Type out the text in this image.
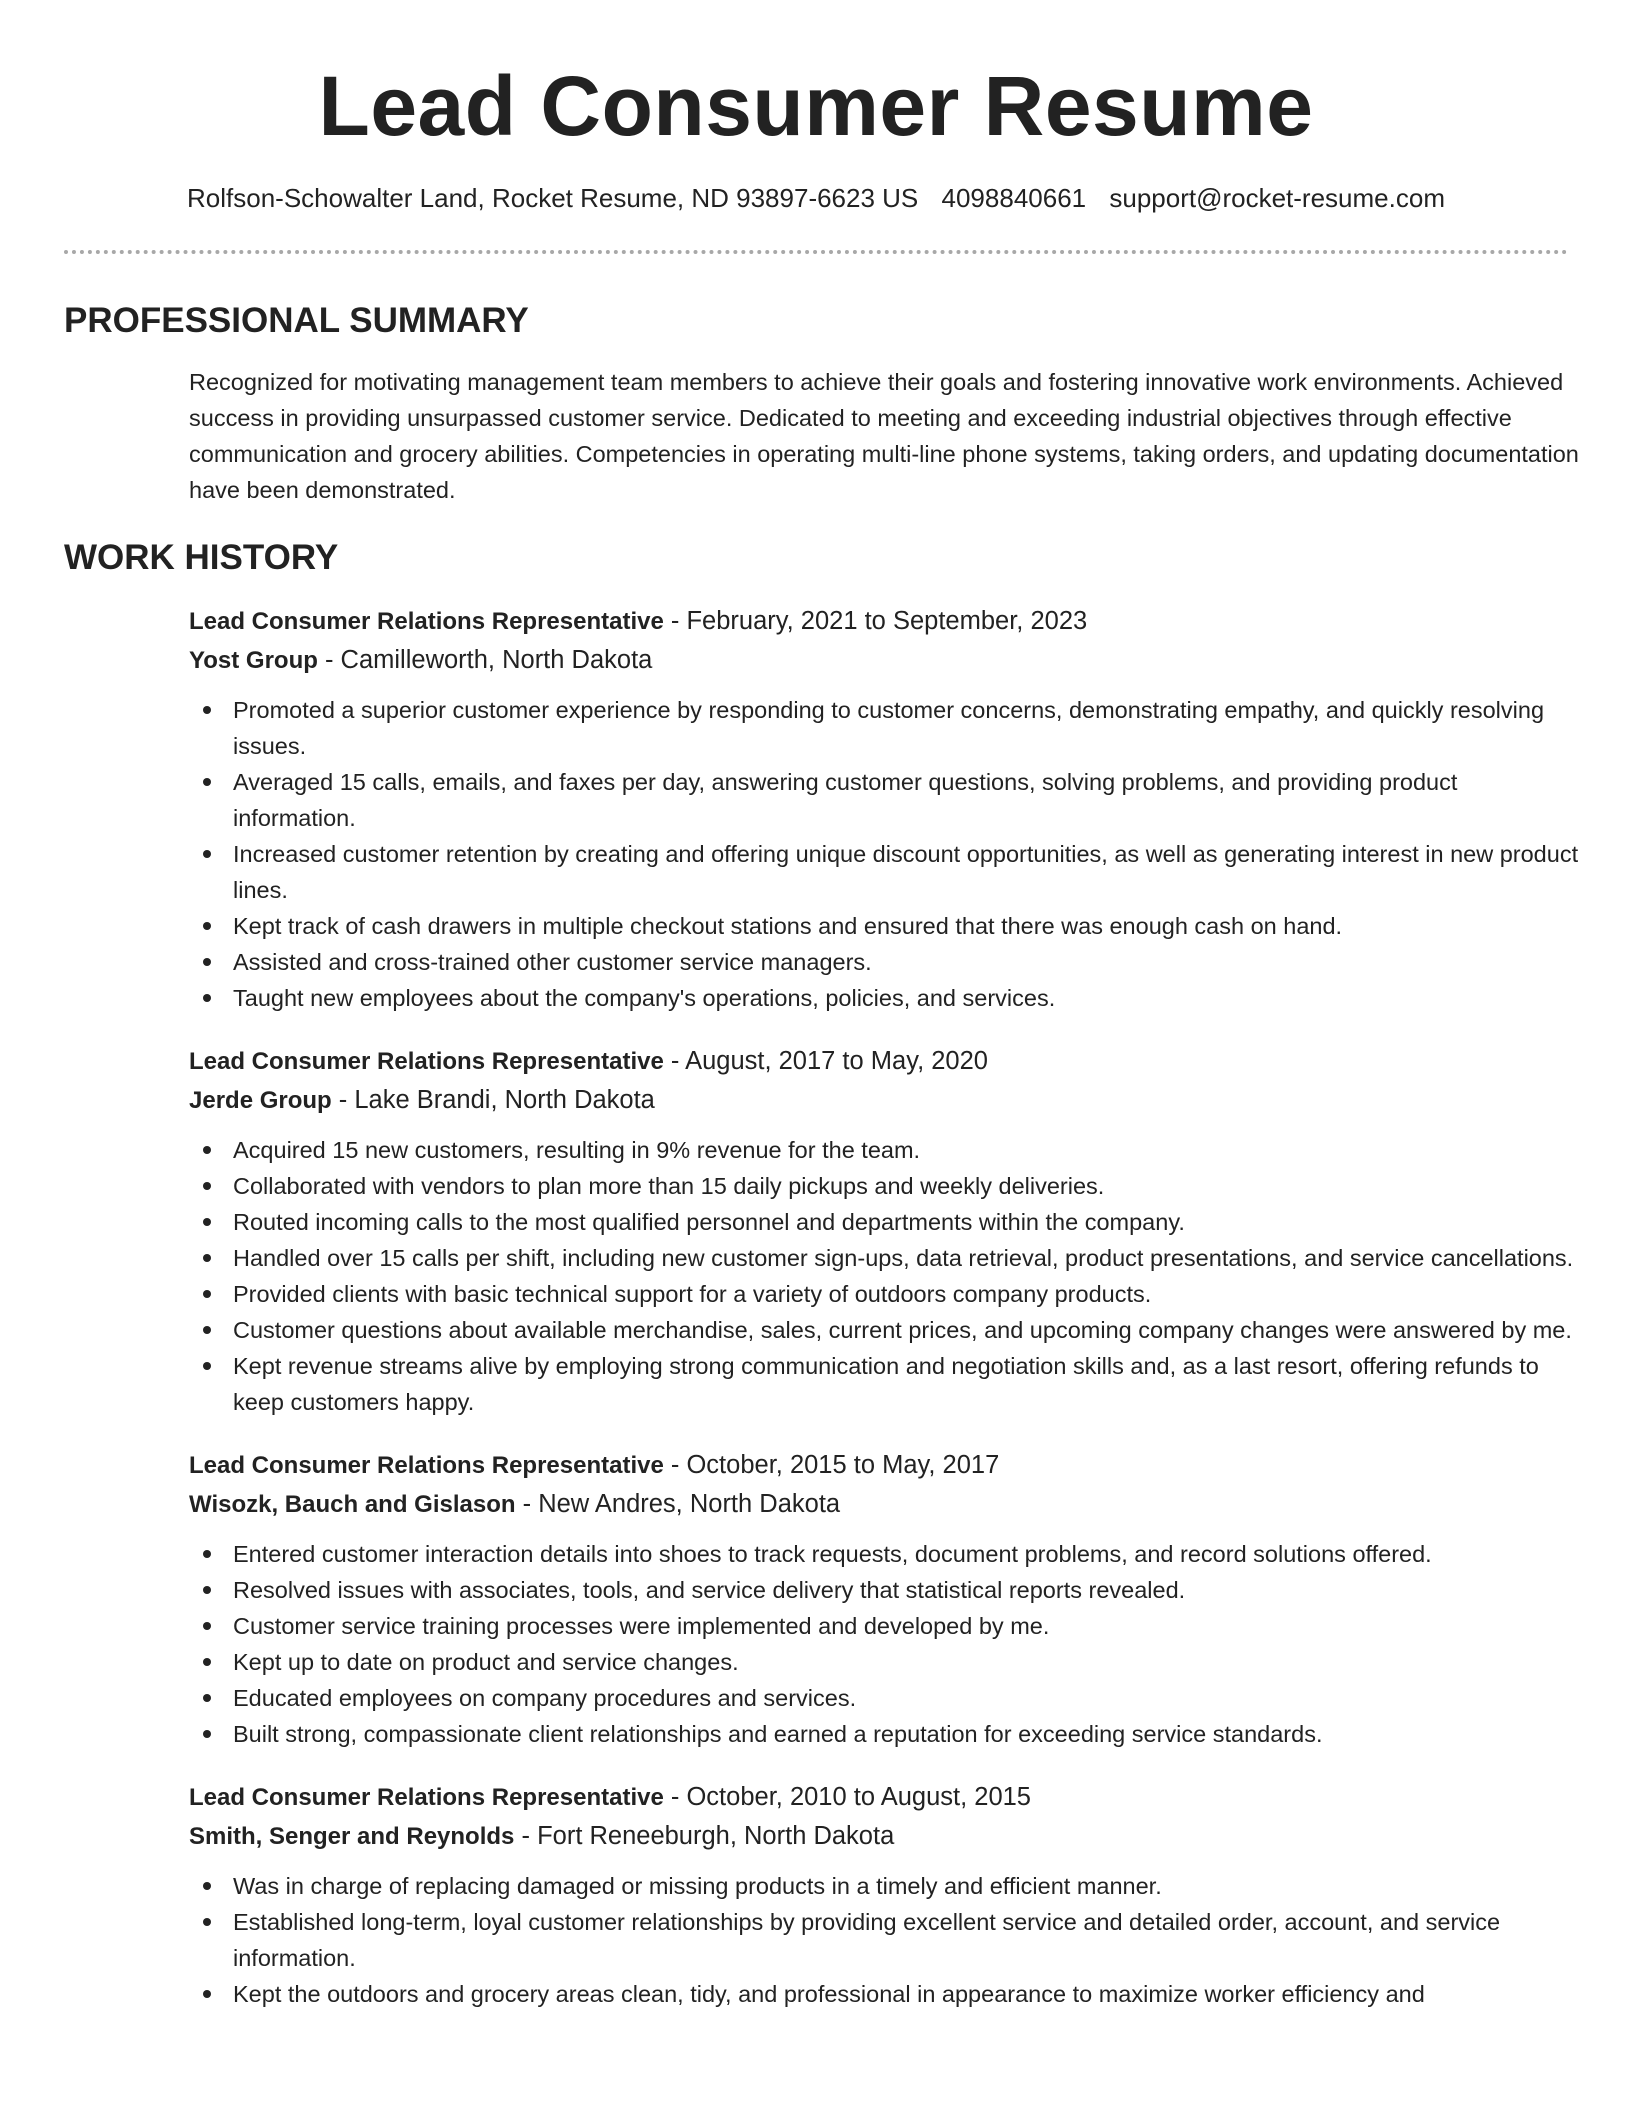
Lead Consumer Resume
Rolfson-Schowalter Land, Rocket Resume, ND 93897-6623 US 4098840661 support@rocket-resume.com
PROFESSIONAL SUMMARY

Recognized for motivating management team members to achieve their goals and fostering innovative work environments. Achieved success in providing unsurpassed customer service. Dedicated to meeting and exceeding industrial objectives through effective communication and grocery abilities. Competencies in operating multi-line phone systems, taking orders, and updating documentation have been demonstrated.

WORK HISTORY
Lead Consumer Relations Representative - February, 2021 to September, 2023
Yost Group - Camilleworth, North Dakota
Promoted a superior customer experience by responding to customer concerns, demonstrating empathy, and quickly resolving issues.
Averaged 15 calls, emails, and faxes per day, answering customer questions, solving problems, and providing product information.
Increased customer retention by creating and offering unique discount opportunities, as well as generating interest in new product lines.
Kept track of cash drawers in multiple checkout stations and ensured that there was enough cash on hand.
Assisted and cross-trained other customer service managers.
Taught new employees about the company's operations, policies, and services.
Lead Consumer Relations Representative - August, 2017 to May, 2020
Jerde Group - Lake Brandi, North Dakota
Acquired 15 new customers, resulting in 9% revenue for the team.
Collaborated with vendors to plan more than 15 daily pickups and weekly deliveries.
Routed incoming calls to the most qualified personnel and departments within the company.
Handled over 15 calls per shift, including new customer sign-ups, data retrieval, product presentations, and service cancellations.
Provided clients with basic technical support for a variety of outdoors company products.
Customer questions about available merchandise, sales, current prices, and upcoming company changes were answered by me.
Kept revenue streams alive by employing strong communication and negotiation skills and, as a last resort, offering refunds to keep customers happy.
Lead Consumer Relations Representative - October, 2015 to May, 2017
Wisozk, Bauch and Gislason - New Andres, North Dakota
Entered customer interaction details into shoes to track requests, document problems, and record solutions offered.
Resolved issues with associates, tools, and service delivery that statistical reports revealed.
Customer service training processes were implemented and developed by me.
Kept up to date on product and service changes.
Educated employees on company procedures and services.
Built strong, compassionate client relationships and earned a reputation for exceeding service standards.
Lead Consumer Relations Representative - October, 2010 to August, 2015
Smith, Senger and Reynolds - Fort Reneeburgh, North Dakota
Was in charge of replacing damaged or missing products in a timely and efficient manner.
Established long-term, loyal customer relationships by providing excellent service and detailed order, account, and service information.
Kept the outdoors and grocery areas clean, tidy, and professional in appearance to maximize worker efficiency and
